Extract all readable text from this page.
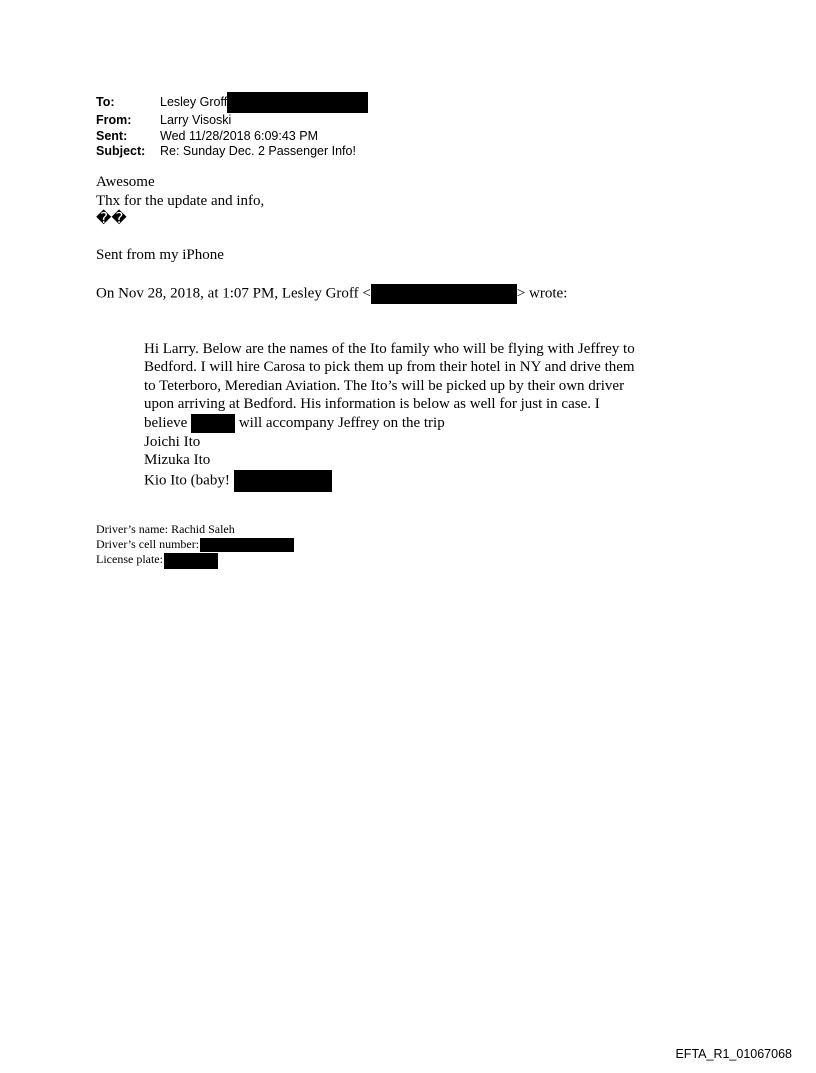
To:	Lesley Groff
From:	Larry Visoski
Sent:	Wed 11/28/2018 6:09:43 PM
Subject:	Re: Sunday Dec. 2 Passenger Info!
Awesome
Thx for the update and info,
��
Sent from my iPhone
On Nov 28, 2018, at 1:07 PM, Lesley Groff <	> wrote:

Hi Larry. Below are the names of the Ito family who will be flying with Jeffrey to

Bedford. I will hire Carosa to pick them up from their hotel in NY and drive them

to Teterboro, Meredian Aviation. The Ito’s will be picked up by their own driver

upon arriving at Bedford. His information is below as well for just in case. I

believe	will accompany Jeffrey on the trip

Joichi Ito

Mizuka Ito

Kio Ito (baby!

Driver’s name: Rachid Saleh
Driver’s cell number:
License plate:
EFTA_R1_01067068
